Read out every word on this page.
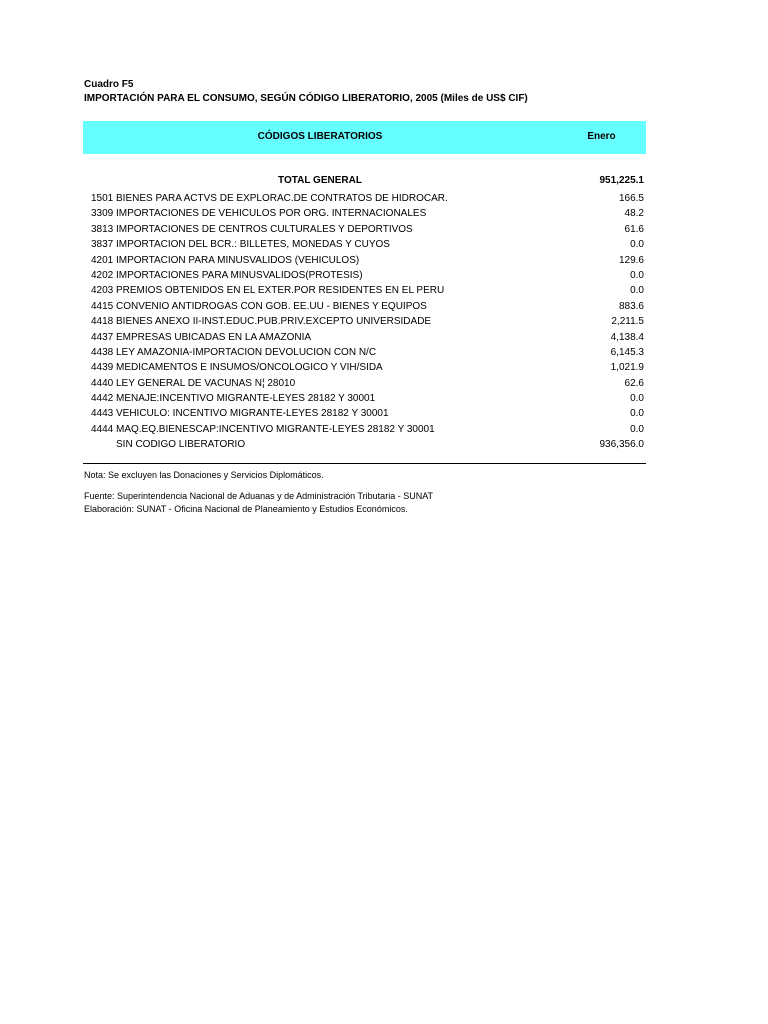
Cuadro F5
IMPORTACIÓN PARA EL CONSUMO, SEGÚN CÓDIGO LIBERATORIO, 2005 (Miles de US$ CIF)
CÓDIGOS LIBERATORIOS	Enero
TOTAL GENERAL	951,225.1
1501 BIENES PARA ACTVS DE EXPLORAC.DE CONTRATOS DE HIDROCAR.	166.5
3309 IMPORTACIONES DE VEHICULOS POR ORG. INTERNACIONALES	48.2
3813 IMPORTACIONES DE CENTROS CULTURALES Y DEPORTIVOS	61.6
3837 IMPORTACION DEL BCR.: BILLETES, MONEDAS Y CUYOS	0.0
4201 IMPORTACION PARA MINUSVALIDOS (VEHICULOS)	129.6
4202 IMPORTACIONES PARA MINUSVALIDOS(PROTESIS)	0.0
4203 PREMIOS OBTENIDOS EN EL EXTER.POR RESIDENTES EN EL PERU	0.0
4415 CONVENIO ANTIDROGAS CON GOB. EE.UU - BIENES Y EQUIPOS	883.6
4418 BIENES ANEXO II-INST.EDUC.PUB.PRIV.EXCEPTO UNIVERSIDADE	2,211.5
4437 EMPRESAS UBICADAS EN LA AMAZONIA	4,138.4
4438 LEY AMAZONIA-IMPORTACION DEVOLUCION CON N/C	6,145.3
4439 MEDICAMENTOS E INSUMOS/ONCOLOGICO Y VIH/SIDA	1,021.9
4440 LEY GENERAL DE VACUNAS N¦ 28010	62.6
4442 MENAJE:INCENTIVO MIGRANTE-LEYES 28182 Y 30001	0.0
4443 VEHICULO: INCENTIVO MIGRANTE-LEYES 28182 Y 30001	0.0
4444 MAQ.EQ.BIENESCAP:INCENTIVO MIGRANTE-LEYES 28182 Y 30001	0.0
SIN CODIGO LIBERATORIO	936,356.0
Nota: Se excluyen las Donaciones y Servicios Diplomáticos.
Fuente: Superintendencia Nacional de Aduanas y de Administración Tributaria - SUNAT
Elaboración: SUNAT - Oficina Nacional de Planeamiento y Estudios Económicos.
